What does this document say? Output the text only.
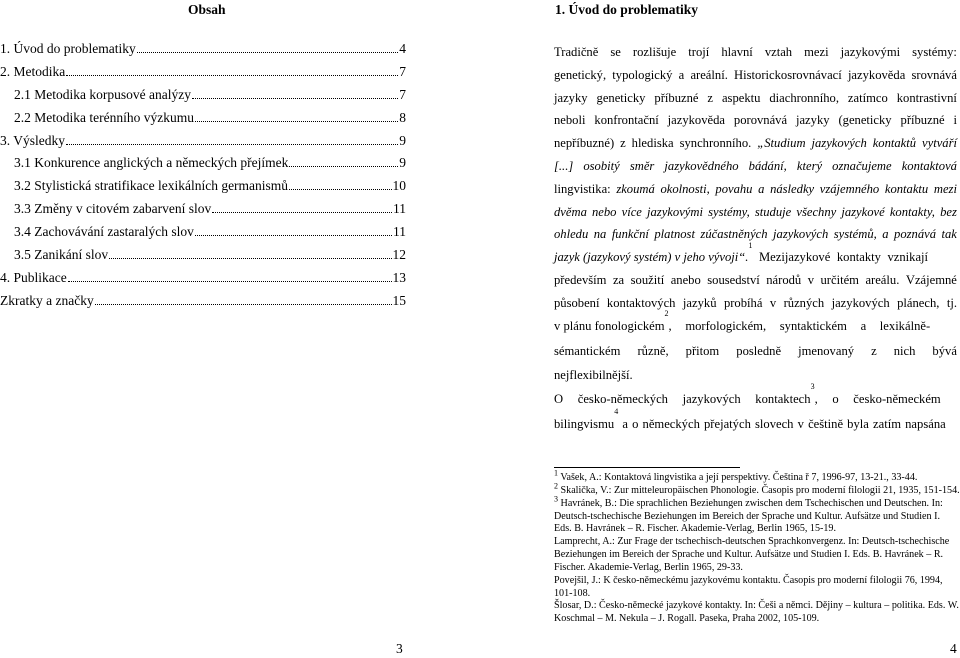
Obsah
1. Úvod do problematiky	4
2. Metodika	7
2.1 Metodika korpusové analýzy	7
2.2 Metodika terénního výzkumu	8
3. Výsledky	9
3.1 Konkurence anglických a německých přejímek	9
3.2 Stylistická stratifikace lexikálních germanismů	10
3.3 Změny v citovém zabarvení slov	11
3.4 Zachovávání zastaralých slov	11
3.5 Zanikání slov	12
4. Publikace	13
Zkratky a značky	15
3
1. Úvod do problematiky
Tradičně se rozlišuje trojí hlavní vztah mezi jazykovými systémy:
genetický, typologický a areální. Historickosrovnávací jazykověda srovnává
jazyky geneticky příbuzné z aspektu diachronního, zatímco kontrastivní
neboli konfrontační jazykověda porovnává jazyky (geneticky příbuzné i
nepříbuzné) z hlediska synchronního. „Studium jazykových kontaktů vytváří
[...] osobitý směr jazykovědného bádání, který označujeme kontaktová
lingvistika: zkoumá okolnosti, povahu a následky vzájemného kontaktu mezi
dvěma nebo více jazykovými systémy, studuje všechny jazykové kontakty, bez
ohledu na funkční platnost zúčastněných jazykových systémů, a poznává tak
jazyk (jazykový systém) v jeho vývoji“.
1
Mezijazykové kontakty vznikají
především za soužití anebo sousedství národů v určitém areálu. Vzájemné
působení kontaktových jazyků probíhá v různých jazykových plánech, tj.
v plánu fonologickém
2
, morfologickém, syntaktickém a lexikálně-
sémantickém různě, přitom posledně jmenovaný z nich bývá
nejflexibilnější.
O česko-německých jazykových kontaktech
3
, o česko-německém
bilingvismu
4
a o německých přejatých slovech v češtině byla zatím napsána

$^1$ Vašek, A.: Kontaktová lingvistika a její perspektivy. Čeština ř 7, 1996-97, 13-21., 33-44.

$^2$ Skalička, V.: Zur mitteleuropäischen Phonologie. Časopis pro moderní filologii 21, 1935, 151-154.

$^3$ Havránek, B.: Die sprachlichen Beziehungen zwischen dem Tschechischen und Deutschen. In: Deutsch-tschechische Beziehungen im Bereich der Sprache und Kultur. Aufsätze und Studien I. Eds. B. Havránek – R. Fischer. Akademie-Verlag, Berlin 1965, 15-19.

Lamprecht, A.: Zur Frage der tschechisch-deutschen Sprachkonvergenz. In: Deutsch-tschechische Beziehungen im Bereich der Sprache und Kultur. Aufsätze und Studien I. Eds. B. Havránek – R. Fischer. Akademie-Verlag, Berlin 1965, 29-33.

Povejšil, J.: K česko-německému jazykovému kontaktu. Časopis pro moderní filologii 76, 1994, 101-108.

Šlosar, D.: Česko-německé jazykové kontakty. In: Češi a němci. Dějiny – kultura – politika. Eds. W. Koschmal – M. Nekula – J. Rogall. Paseka, Praha 2002, 105-109.

4
